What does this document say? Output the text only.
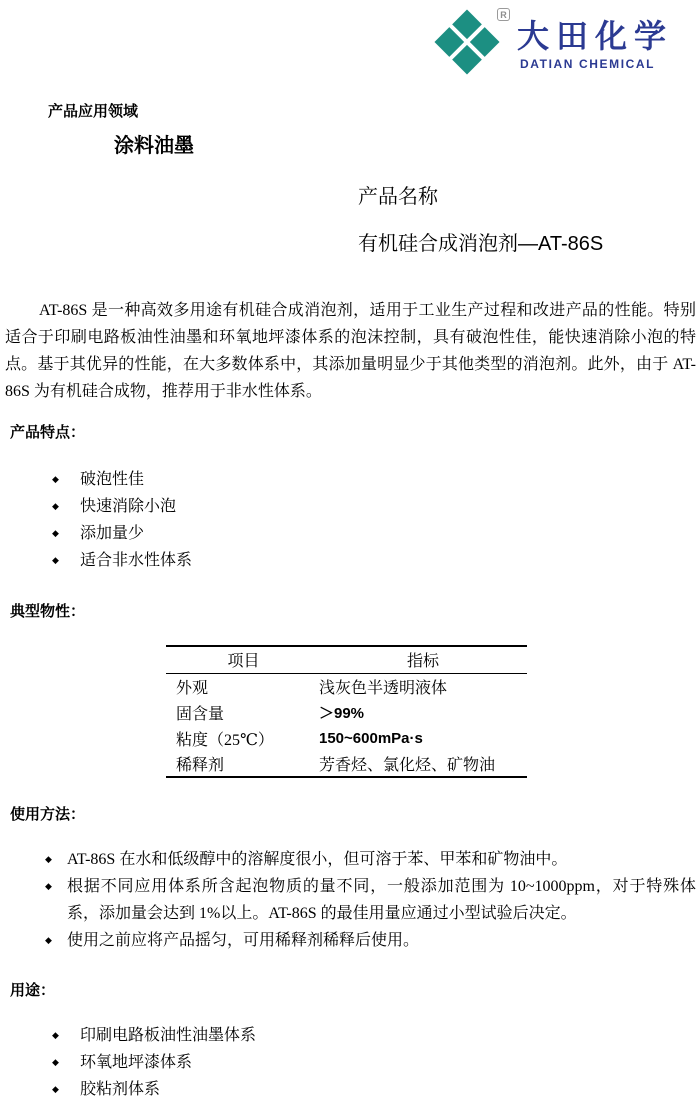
R
大田化学
DATIAN CHEMICAL
产品应用领域
涂料油墨
产品名称
有机硅合成消泡剂—AT-86S

AT-86S 是一种高效多用途有机硅合成消泡剂，适用于工业生产过程和改进产品的性能。特别适合于印刷电路板油性油墨和环氧地坪漆体系的泡沫控制，具有破泡性佳，能快速消除小泡的特点。基于其优异的性能，在大多数体系中，其添加量明显少于其他类型的消泡剂。此外，由于 AT-86S 为有机硅合成物，推荐用于非水性体系。

产品特点：
◆	破泡性佳
◆	快速消除小泡
◆	添加量少
◆	适合非水性体系
典型物性：
项目	指标
外观	浅灰色半透明液体
固含量	＞99%
粘度（25℃）	150~600mPa·s
稀释剂	芳香烃、氯化烃、矿物油
使用方法：
◆ AT-86S 在水和低级醇中的溶解度很小，但可溶于苯、甲苯和矿物油中。
◆ 根据不同应用体系所含起泡物质的量不同，一般添加范围为 10~1000ppm，对于特殊体系，添加量会达到 1%以上。AT-86S 的最佳用量应通过小型试验后决定。
◆ 使用之前应将产品摇匀，可用稀释剂稀释后使用。
用途：
◆	印刷电路板油性油墨体系
◆	环氧地坪漆体系
◆	胶粘剂体系
